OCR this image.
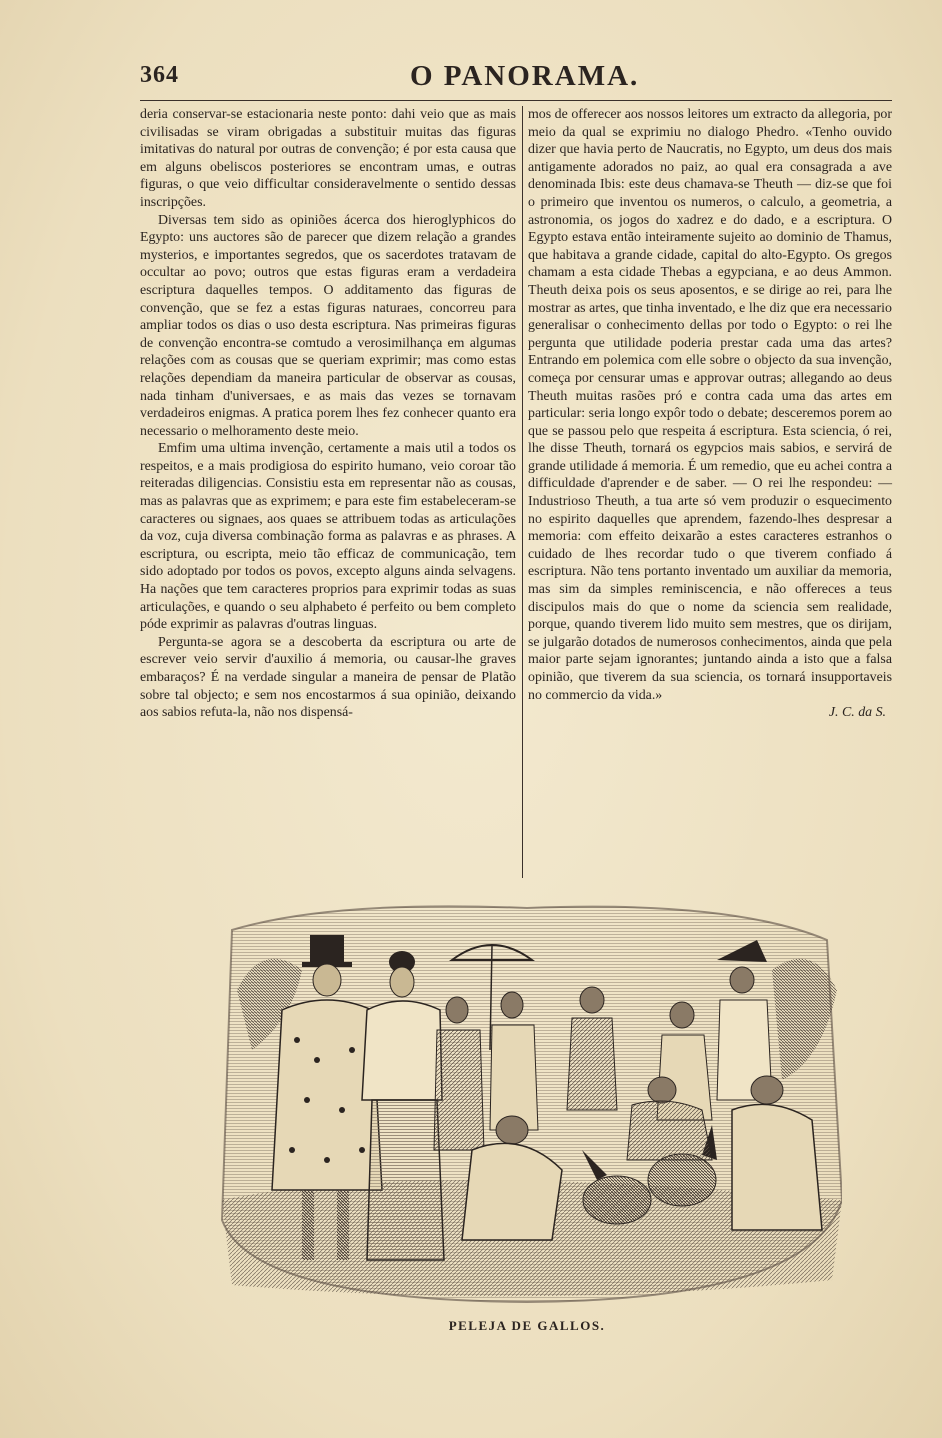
364	O PANORAMA.

deria conservar-se estacionaria neste ponto: dahi veio que as mais civilisadas se viram obrigadas a substituir muitas das figuras imitativas do natural por outras de convenção; é por esta causa que em alguns obeliscos posteriores se encontram umas, e outras figuras, o que veio difficultar consideravelmente o sentido dessas inscripções.

Diversas tem sido as opiniões ácerca dos hieroglyphicos do Egypto: uns auctores são de parecer que dizem relação a grandes mysterios, e importantes segredos, que os sacerdotes tratavam de occultar ao povo; outros que estas figuras eram a verdadeira escriptura daquelles tempos. O additamento das figuras de convenção, que se fez a estas figuras naturaes, concorreu para ampliar todos os dias o uso desta escriptura. Nas primeiras figuras de convenção encontra-se comtudo a verosimilhança em algumas relações com as cousas que se queriam exprimir; mas como estas relações dependiam da maneira particular de observar as cousas, nada tinham d'universaes, e as mais das vezes se tornavam verdadeiros enigmas. A pratica porem lhes fez conhecer quanto era necessario o melhoramento deste meio.

Emfim uma ultima invenção, certamente a mais util a todos os respeitos, e a mais prodigiosa do espirito humano, veio coroar tão reiteradas diligencias. Consistiu esta em representar não as cousas, mas as palavras que as exprimem; e para este fim estabeleceram-se caracteres ou signaes, aos quaes se attribuem todas as articulações da voz, cuja diversa combinação forma as palavras e as phrases. A escriptura, ou escripta, meio tão efficaz de communicação, tem sido adoptado por todos os povos, excepto alguns ainda selvagens. Ha nações que tem caracteres proprios para exprimir todas as suas articulações, e quando o seu alphabeto é perfeito ou bem completo póde exprimir as palavras d'outras linguas.

Pergunta-se agora se a descoberta da escriptura ou arte de escrever veio servir d'auxilio á memoria, ou causar-lhe graves embaraços? É na verdade singular a maneira de pensar de Platão sobre tal objecto; e sem nos encostarmos á sua opinião, deixando aos sabios refuta-la, não nos dispensá-

mos de offerecer aos nossos leitores um extracto da allegoria, por meio da qual se exprimiu no dialogo Phedro. «Tenho ouvido dizer que havia perto de Naucratis, no Egypto, um deus dos mais antigamente adorados no paiz, ao qual era consagrada a ave denominada Ibis: este deus chamava-se Theuth — diz-se que foi o primeiro que inventou os numeros, o calculo, a geometria, a astronomia, os jogos do xadrez e do dado, e a escriptura. O Egypto estava então inteiramente sujeito ao dominio de Thamus, que habitava a grande cidade, capital do alto-Egypto. Os gregos chamam a esta cidade Thebas a egypciana, e ao deus Ammon. Theuth deixa pois os seus aposentos, e se dirige ao rei, para lhe mostrar as artes, que tinha inventado, e lhe diz que era necessario generalisar o conhecimento dellas por todo o Egypto: o rei lhe pergunta que utilidade poderia prestar cada uma das artes? Entrando em polemica com elle sobre o objecto da sua invenção, começa por censurar umas e approvar outras; allegando ao deus Theuth muitas rasões pró e contra cada uma das artes em particular: seria longo expôr todo o debate; desceremos porem ao que se passou pelo que respeita á escriptura. Esta sciencia, ó rei, lhe disse Theuth, tornará os egypcios mais sabios, e servirá de grande utilidade á memoria. É um remedio, que eu achei contra a difficuldade d'aprender e de saber. — O rei lhe respondeu: — Industrioso Theuth, a tua arte só vem produzir o esquecimento no espirito daquelles que aprendem, fazendo-lhes despresar a memoria: com effeito deixarão a estes caracteres estranhos o cuidado de lhes recordar tudo o que tiverem confiado á escriptura. Não tens portanto inventado um auxiliar da memoria, mas sim da simples reminiscencia, e não offereces a teus discipulos mais do que o nome da sciencia sem realidade, porque, quando tiverem lido muito sem mestres, que os dirijam, se julgarão dotados de numerosos conhecimentos, ainda que pela maior parte sejam ignorantes; juntando ainda a isto que a falsa opinião, que tiverem da sua sciencia, os tornará insupportaveis no commercio da vida.»

J. C. da S.
PELEJA DE GALLOS.
